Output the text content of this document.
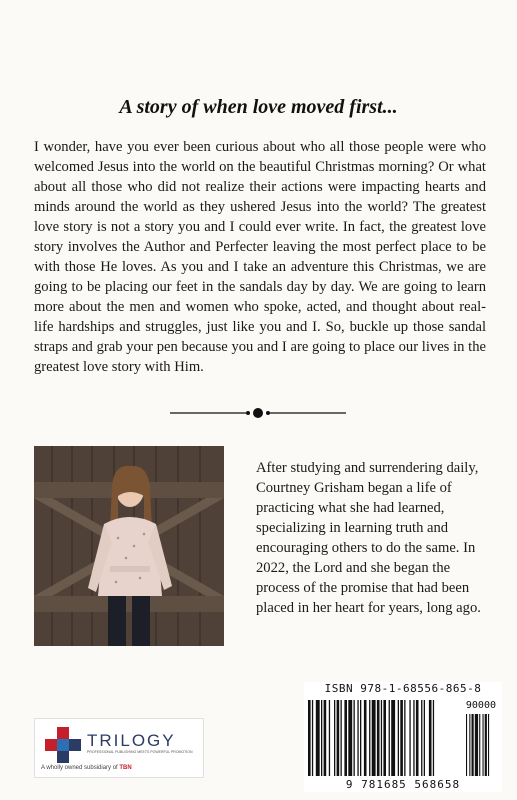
A story of when love moved first...
I wonder, have you ever been curious about who all those people were who welcomed Jesus into the world on the beautiful Christmas morning? Or what about all those who did not realize their actions were impacting hearts and minds around the world as they ushered Jesus into the world? The greatest love story is not a story you and I could ever write. In fact, the greatest love story involves the Author and Perfecter leaving the most perfect place to be with those He loves. As you and I take an adventure this Christmas, we are going to be placing our feet in the sandals day by day. We are going to learn more about the men and women who spoke, acted, and thought about real-life hardships and struggles, just like you and I. So, buckle up those sandal straps and grab your pen because you and I are going to place our lives in the greatest love story with Him.
After studying and surrendering daily, Courtney Grisham began a life of practicing what she had learned, specializing in learning truth and encouraging others to do the same. In 2022, the Lord and she began the process of the promise that had been placed in her heart for years, long ago.
ISBN 978-1-68556-865-8
90000
9 781685 568658
TRILOGY
PROFESSIONAL PUBLISHING MEETS POWERFUL PROMOTION
A wholly owned subsidiary of TBN
